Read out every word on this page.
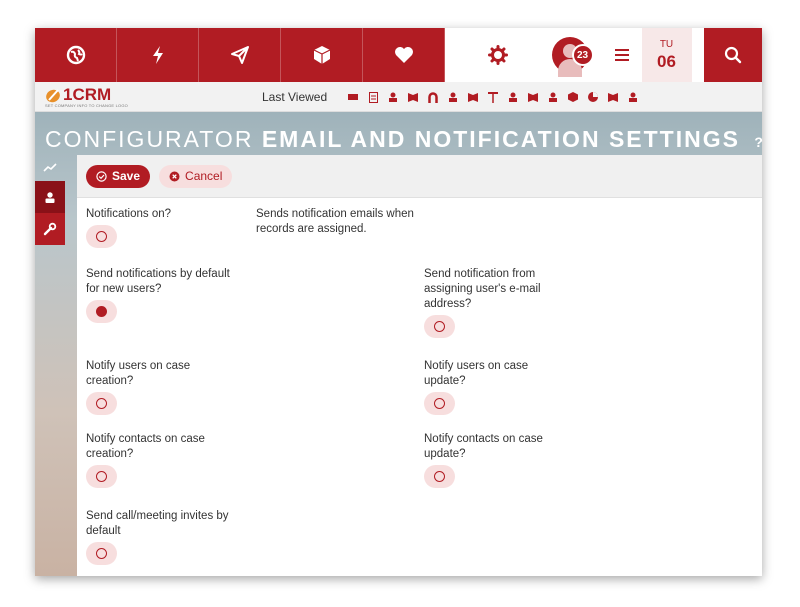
23
TU
06
1CRM
SET COMPANY INFO TO CHANGE LOGO
Last Viewed
CONFIGURATOR EMAIL AND NOTIFICATION SETTINGS ?
Save	Cancel
Notifications on?	Sends notification emails when records are assigned.
Send notifications by default for new users?
Send notification from assigning user's e-mail address?
Notify users on case creation?
Notify users on case update?
Notify contacts on case creation?
Notify contacts on case update?
Send call/meeting invites by default
